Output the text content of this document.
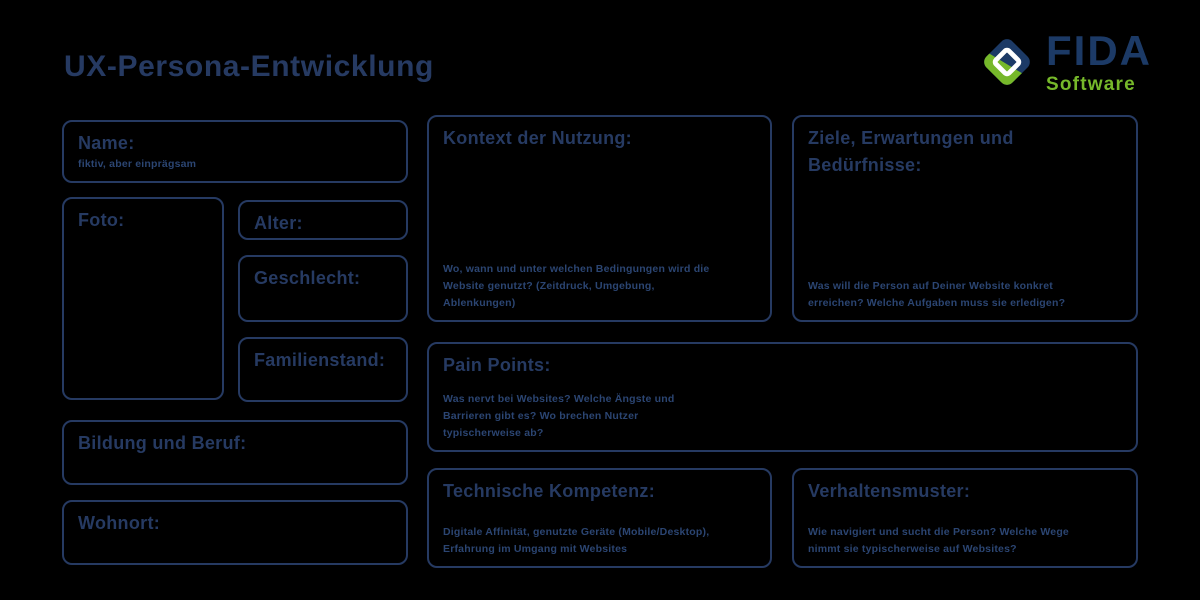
UX-Persona-Entwicklung	FIDA
Software
Name:

fiktiv, aber einprägsam

Foto:	Alter:
Geschlecht:
Familienstand:
Bildung und Beruf:
Wohnort:
Kontext der Nutzung:

Wo, wann und unter welchen Bedingungen wird die Website genutzt? (Zeitdruck, Umgebung, Ablenkungen)

Ziele, Erwartungen und Bedürfnisse:

Was will die Person auf Deiner Website konkret erreichen? Welche Aufgaben muss sie erledigen?

Pain Points:

Was nervt bei Websites? Welche Ängste und Barrieren gibt es? Wo brechen Nutzer typischerweise ab?

Technische Kompetenz:

Digitale Affinität, genutzte Geräte (Mobile/Desktop), Erfahrung im Umgang mit Websites

Verhaltensmuster:

Wie navigiert und sucht die Person? Welche Wege nimmt sie typischerweise auf Websites?
